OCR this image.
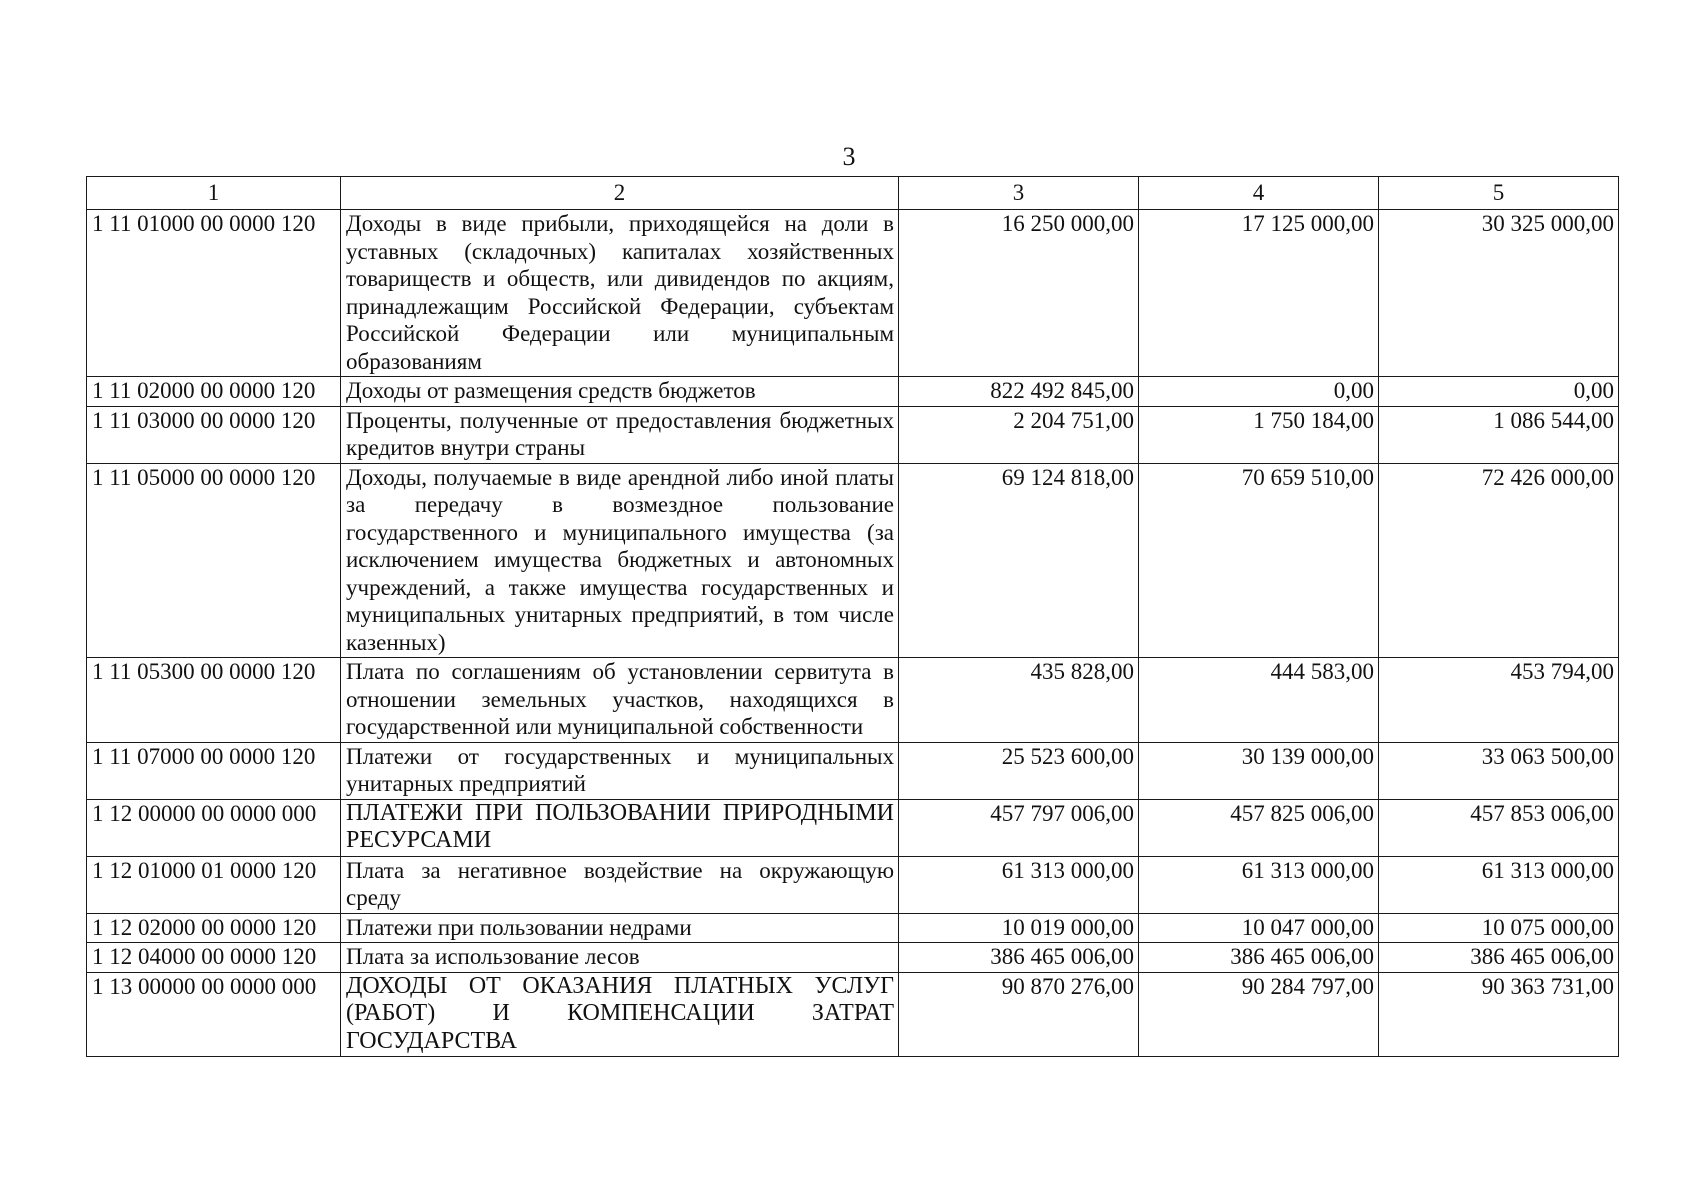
3
1	2	3	4	5
1 11 01000 00 0000 120	Доходы в виде прибыли, приходящейся на доли в уставных (складочных) капиталах хозяйственных товариществ и обществ, или дивидендов по акциям, принадлежащим Российской Федерации, субъектам Российской Федерации или муниципальным образованиям	16 250 000,00	17 125 000,00	30 325 000,00
1 11 02000 00 0000 120	Доходы от размещения средств бюджетов	822 492 845,00	0,00	0,00
1 11 03000 00 0000 120	Проценты, полученные от предоставления бюджетных кредитов внутри страны	2 204 751,00	1 750 184,00	1 086 544,00
1 11 05000 00 0000 120	Доходы, получаемые в виде арендной либо иной платы за передачу в возмездное пользование государственного и муниципального имущества (за исключением имущества бюджетных и автономных учреждений, а также имущества государственных и муниципальных унитарных предприятий, в том числе казенных)	69 124 818,00	70 659 510,00	72 426 000,00
1 11 05300 00 0000 120	Плата по соглашениям об установлении сервитута в отношении земельных участков, находящихся в государственной или муниципальной собственности	435 828,00	444 583,00	453 794,00
1 11 07000 00 0000 120	Платежи от государственных и муниципальных унитарных предприятий	25 523 600,00	30 139 000,00	33 063 500,00
1 12 00000 00 0000 000	ПЛАТЕЖИ ПРИ ПОЛЬЗОВАНИИ ПРИРОДНЫМИ РЕСУРСАМИ	457 797 006,00	457 825 006,00	457 853 006,00
1 12 01000 01 0000 120	Плата за негативное воздействие на окружающую среду	61 313 000,00	61 313 000,00	61 313 000,00
1 12 02000 00 0000 120	Платежи при пользовании недрами	10 019 000,00	10 047 000,00	10 075 000,00
1 12 04000 00 0000 120	Плата за использование лесов	386 465 006,00	386 465 006,00	386 465 006,00
1 13 00000 00 0000 000	ДОХОДЫ ОТ ОКАЗАНИЯ ПЛАТНЫХ УСЛУГ (РАБОТ) И КОМПЕНСАЦИИ ЗАТРАТ ГОСУДАРСТВА	90 870 276,00	90 284 797,00	90 363 731,00
